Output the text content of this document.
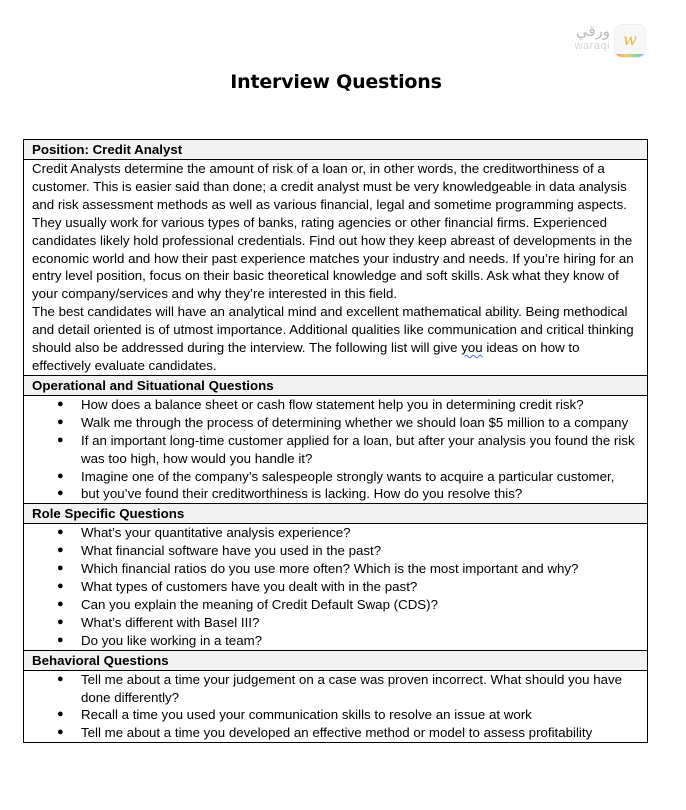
ورقي
waraqi w
Interview Questions
Position: Credit Analyst

Credit Analysts determine the amount of risk of a loan or, in other words, the creditworthiness of a customer. This is easier said than done; a credit analyst must be very knowledgeable in data analysis and risk assessment methods as well as various financial, legal and sometime programming aspects.

They usually work for various types of banks, rating agencies or other financial firms. Experienced candidates likely hold professional credentials. Find out how they keep abreast of developments in the economic world and how their past experience matches your industry and needs. If you’re hiring for an entry level position, focus on their basic theoretical knowledge and soft skills. Ask what they know of your company/services and why they’re interested in this field.

The best candidates will have an analytical mind and excellent mathematical ability. Being methodical and detail oriented is of utmost importance. Additional qualities like communication and critical thinking should also be addressed during the interview. The following list will give you ideas on how to effectively evaluate candidates.

Operational and Situational Questions

● How does a balance sheet or cash flow statement help you in determining credit risk?
● Walk me through the process of determining whether we should loan $5 million to a company
● If an important long-time customer applied for a loan, but after your analysis you found the risk was too high, how would you handle it?
● Imagine one of the company’s salespeople strongly wants to acquire a particular customer,
● but you’ve found their creditworthiness is lacking. How do you resolve this?

Role Specific Questions

● What’s your quantitative analysis experience?
● What financial software have you used in the past?
● Which financial ratios do you use more often? Which is the most important and why?
● What types of customers have you dealt with in the past?
● Can you explain the meaning of Credit Default Swap (CDS)?
● What’s different with Basel III?
● Do you like working in a team?

Behavioral Questions

● Tell me about a time your judgement on a case was proven incorrect. What should you have done differently?
● Recall a time you used your communication skills to resolve an issue at work
● Tell me about a time you developed an effective method or model to assess profitability
